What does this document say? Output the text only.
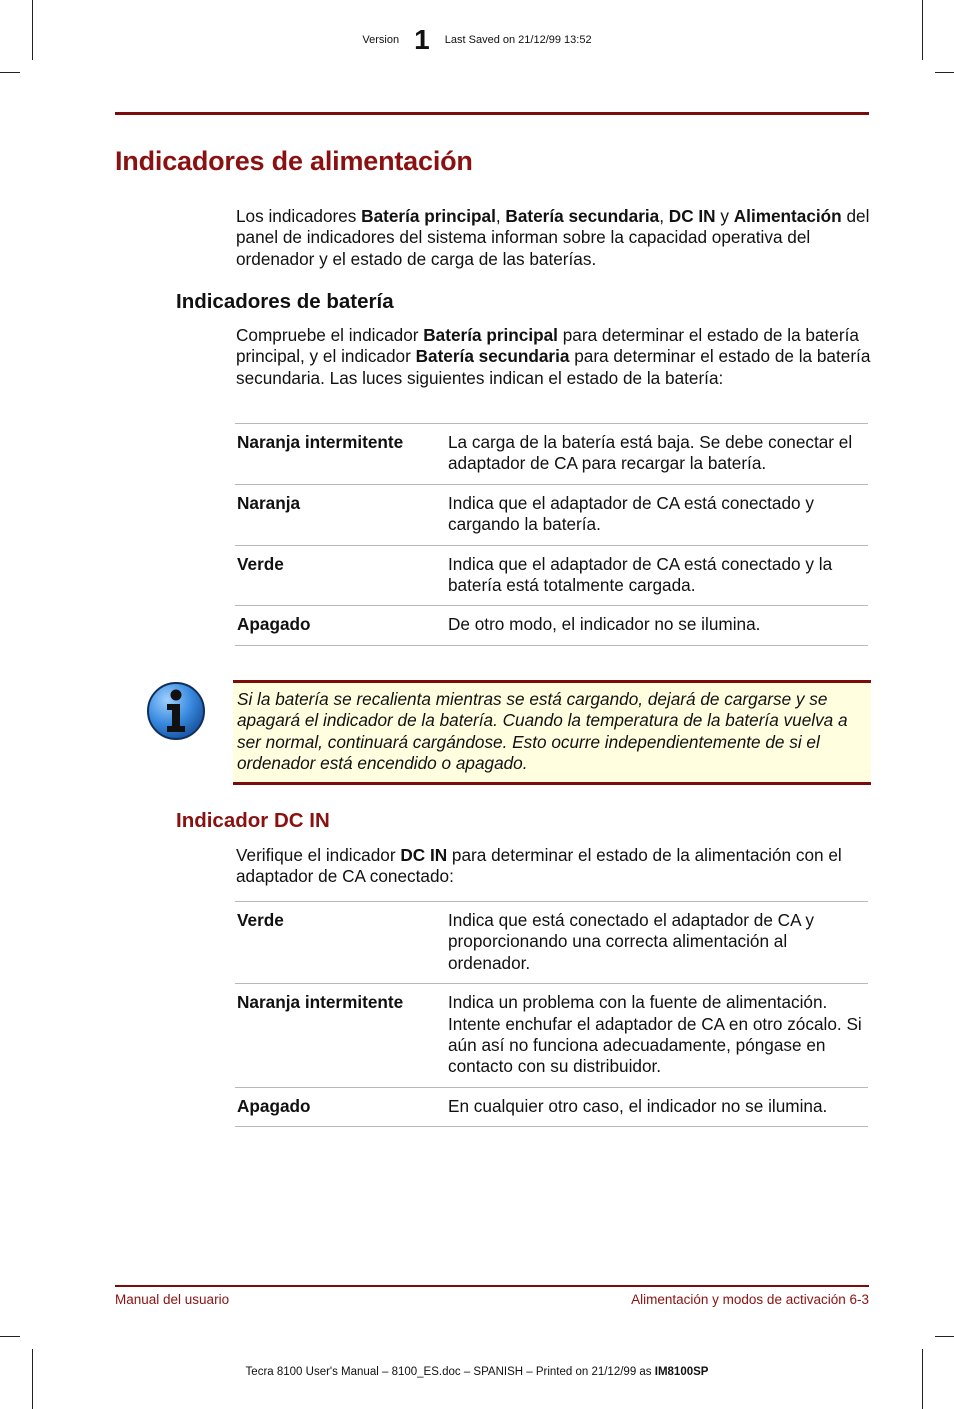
Version 1 Last Saved on 21/12/99 13:52
Indicadores de alimentación

Los indicadores Batería principal, Batería secundaria, DC IN y Alimentación del panel de indicadores del sistema informan sobre la capacidad operativa del ordenador y el estado de carga de las baterías.

Indicadores de batería

Compruebe el indicador Batería principal para determinar el estado de la batería principal, y el indicador Batería secundaria para determinar el estado de la batería secundaria. Las luces siguientes indican el estado de la batería:

Naranja intermitente	La carga de la batería está baja. Se debe conectar el adaptador de CA para recargar la batería.
Naranja	Indica que el adaptador de CA está conectado y cargando la batería.
Verde	Indica que el adaptador de CA está conectado y la batería está totalmente cargada.
Apagado	De otro modo, el indicador no se ilumina.

Si la batería se recalienta mientras se está cargando, dejará de cargarse y se apagará el indicador de la batería. Cuando la temperatura de la batería vuelva a ser normal, continuará cargándose. Esto ocurre independientemente de si el ordenador está encendido o apagado.

Indicador DC IN

Verifique el indicador DC IN para determinar el estado de la alimentación con el adaptador de CA conectado:

Verde	Indica que está conectado el adaptador de CA y proporcionando una correcta alimentación al ordenador.
Naranja intermitente	Indica un problema con la fuente de alimentación. Intente enchufar el adaptador de CA en otro zócalo. Si aún así no funciona adecuadamente, póngase en contacto con su distribuidor.
Apagado	En cualquier otro caso, el indicador no se ilumina.
Manual del usuario	Alimentación y modos de activación 6-3
Tecra 8100 User's Manual – 8100_ES.doc – SPANISH – Printed on 21/12/99 as IM8100SP
